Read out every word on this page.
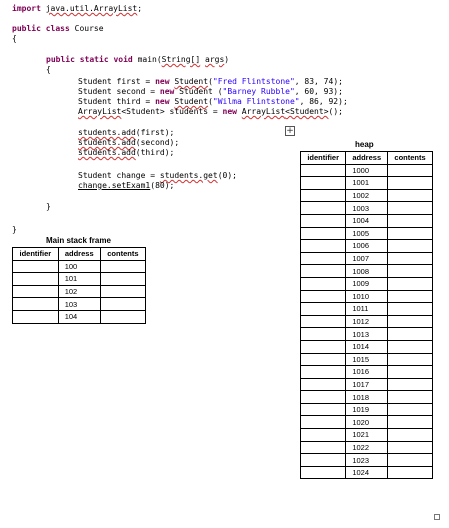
import java.util.ArrayList;
public class Course
{
public static void main(String[] args)
{
Student first = new Student("Fred Flintstone", 83, 74);
Student second = new Student ("Barney Rubble", 60, 93);
Student third = new Student("Wilma Flintstone", 86, 92);
ArrayList<Student> students = new ArrayList<Student>();
+
students.add(first);
students.add(second);
students.add(third);
Student change = students.get(0);
change.setExam1(80);
}
}
Main stack frame
identifier	address	contents
	100	
	101	
	102	
	103	
	104	
heap
identifier	address	contents
	1000	
	1001	
	1002	
	1003	
	1004	
	1005	
	1006	
	1007	
	1008	
	1009	
	1010	
	1011	
	1012	
	1013	
	1014	
	1015	
	1016	
	1017	
	1018	
	1019	
	1020	
	1021	
	1022	
	1023	
	1024	
